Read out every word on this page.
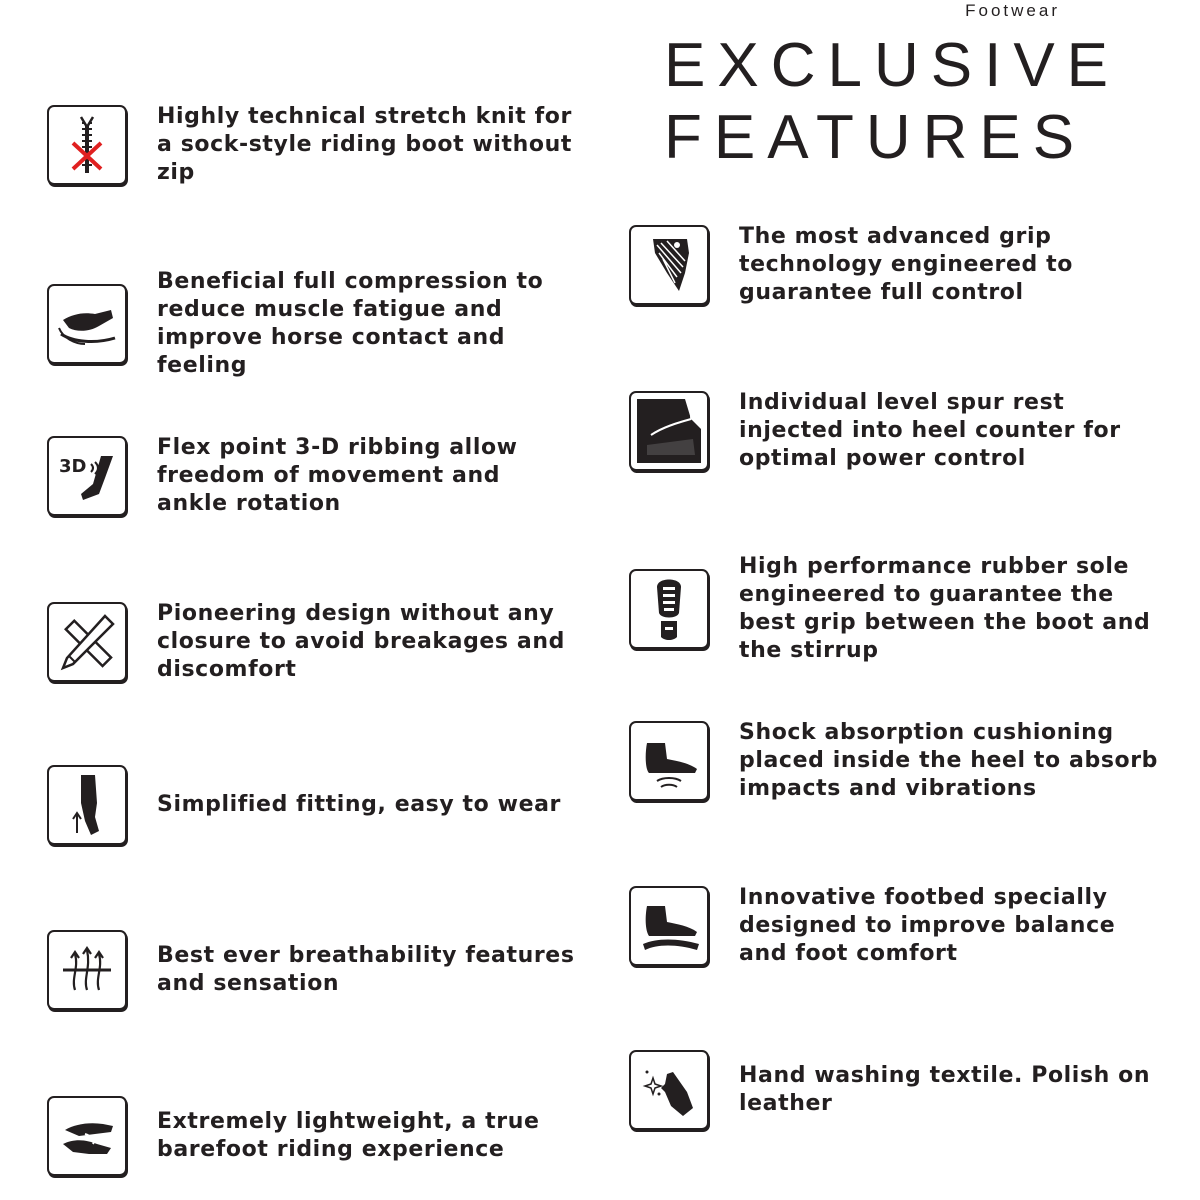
Footwear
EXCLUSIVE
FEATURES
Highly technical stretch knit for a sock-style riding boot without zip
Beneficial full compression to reduce muscle fatigue and improve horse contact and feeling
3D
Flex point 3-D ribbing allow freedom of movement and ankle rotation
Pioneering design without any closure to avoid breakages and discomfort
Simplified fitting, easy to wear
Best ever breathability features and sensation
Extremely lightweight, a true barefoot riding experience
The most advanced grip technology engineered to guarantee full control
Individual level spur rest injected into heel counter for optimal power control
High performance rubber sole engineered to guarantee the best grip between the boot and the stirrup
Shock absorption cushioning placed inside the heel to absorb impacts and vibrations
Innovative footbed specially designed to improve balance and foot comfort
Hand washing textile. Polish on leather
